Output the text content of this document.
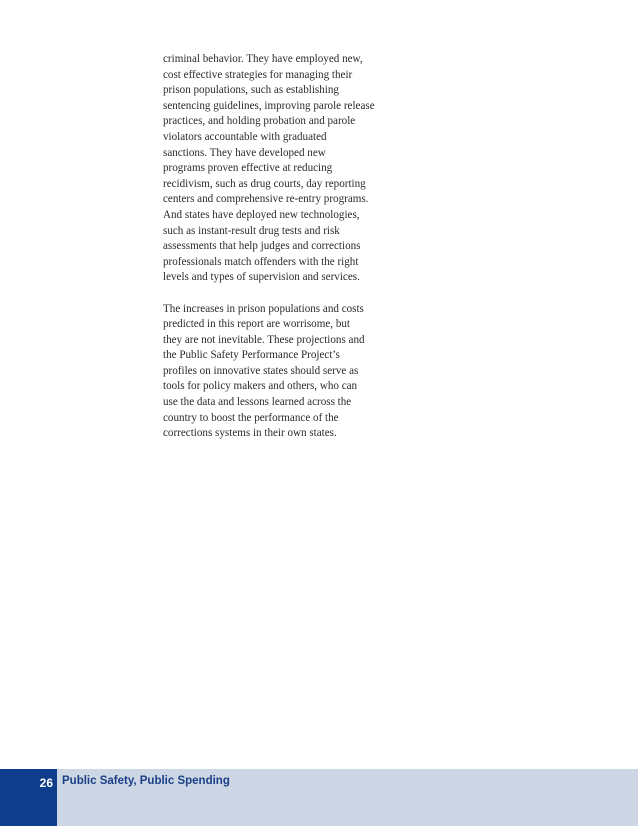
criminal behavior. They have employed new,
cost effective strategies for managing their
prison populations, such as establishing
sentencing guidelines, improving parole release
practices, and holding probation and parole
violators accountable with graduated
sanctions. They have developed new
programs proven effective at reducing
recidivism, such as drug courts, day reporting
centers and comprehensive re-entry programs.
And states have deployed new technologies,
such as instant-result drug tests and risk
assessments that help judges and corrections
professionals match offenders with the right
levels and types of supervision and services.
The increases in prison populations and costs
predicted in this report are worrisome, but
they are not inevitable. These projections and
the Public Safety Performance Project’s
profiles on innovative states should serve as
tools for policy makers and others, who can
use the data and lessons learned across the
country to boost the performance of the
corrections systems in their own states.
26 Public Safety, Public Spending
